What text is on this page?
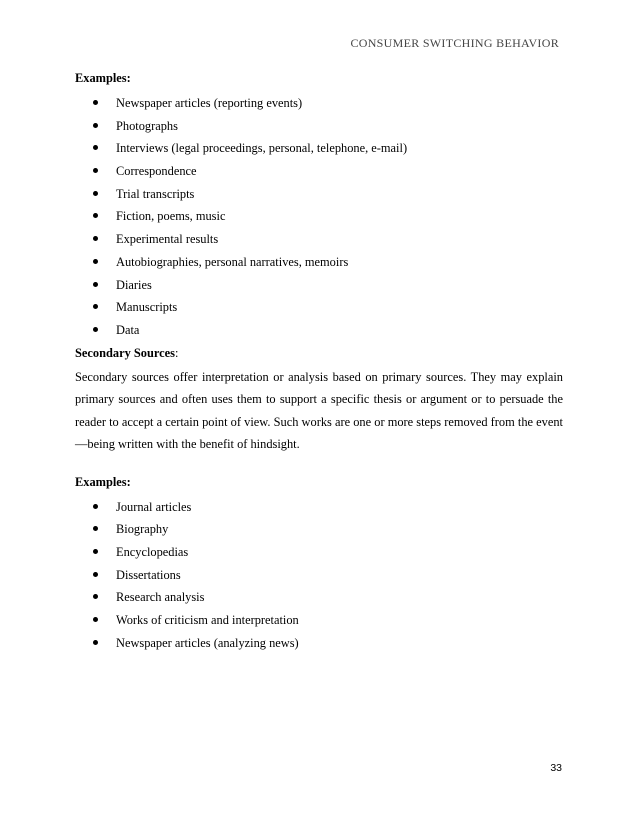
CONSUMER SWITCHING BEHAVIOR
Examples:
Newspaper articles (reporting events)
Photographs
Interviews (legal proceedings, personal, telephone, e-mail)
Correspondence
Trial transcripts
Fiction, poems, music
Experimental results
Autobiographies, personal narratives, memoirs
Diaries
Manuscripts
Data
Secondary Sources:

Secondary sources offer interpretation or analysis based on primary sources. They may explain primary sources and often uses them to support a specific thesis or argument or to persuade the reader to accept a certain point of view. Such works are one or more steps removed from the event—being written with the benefit of hindsight.

Examples:
Journal articles
Biography
Encyclopedias
Dissertations
Research analysis
Works of criticism and interpretation
Newspaper articles (analyzing news)
33
